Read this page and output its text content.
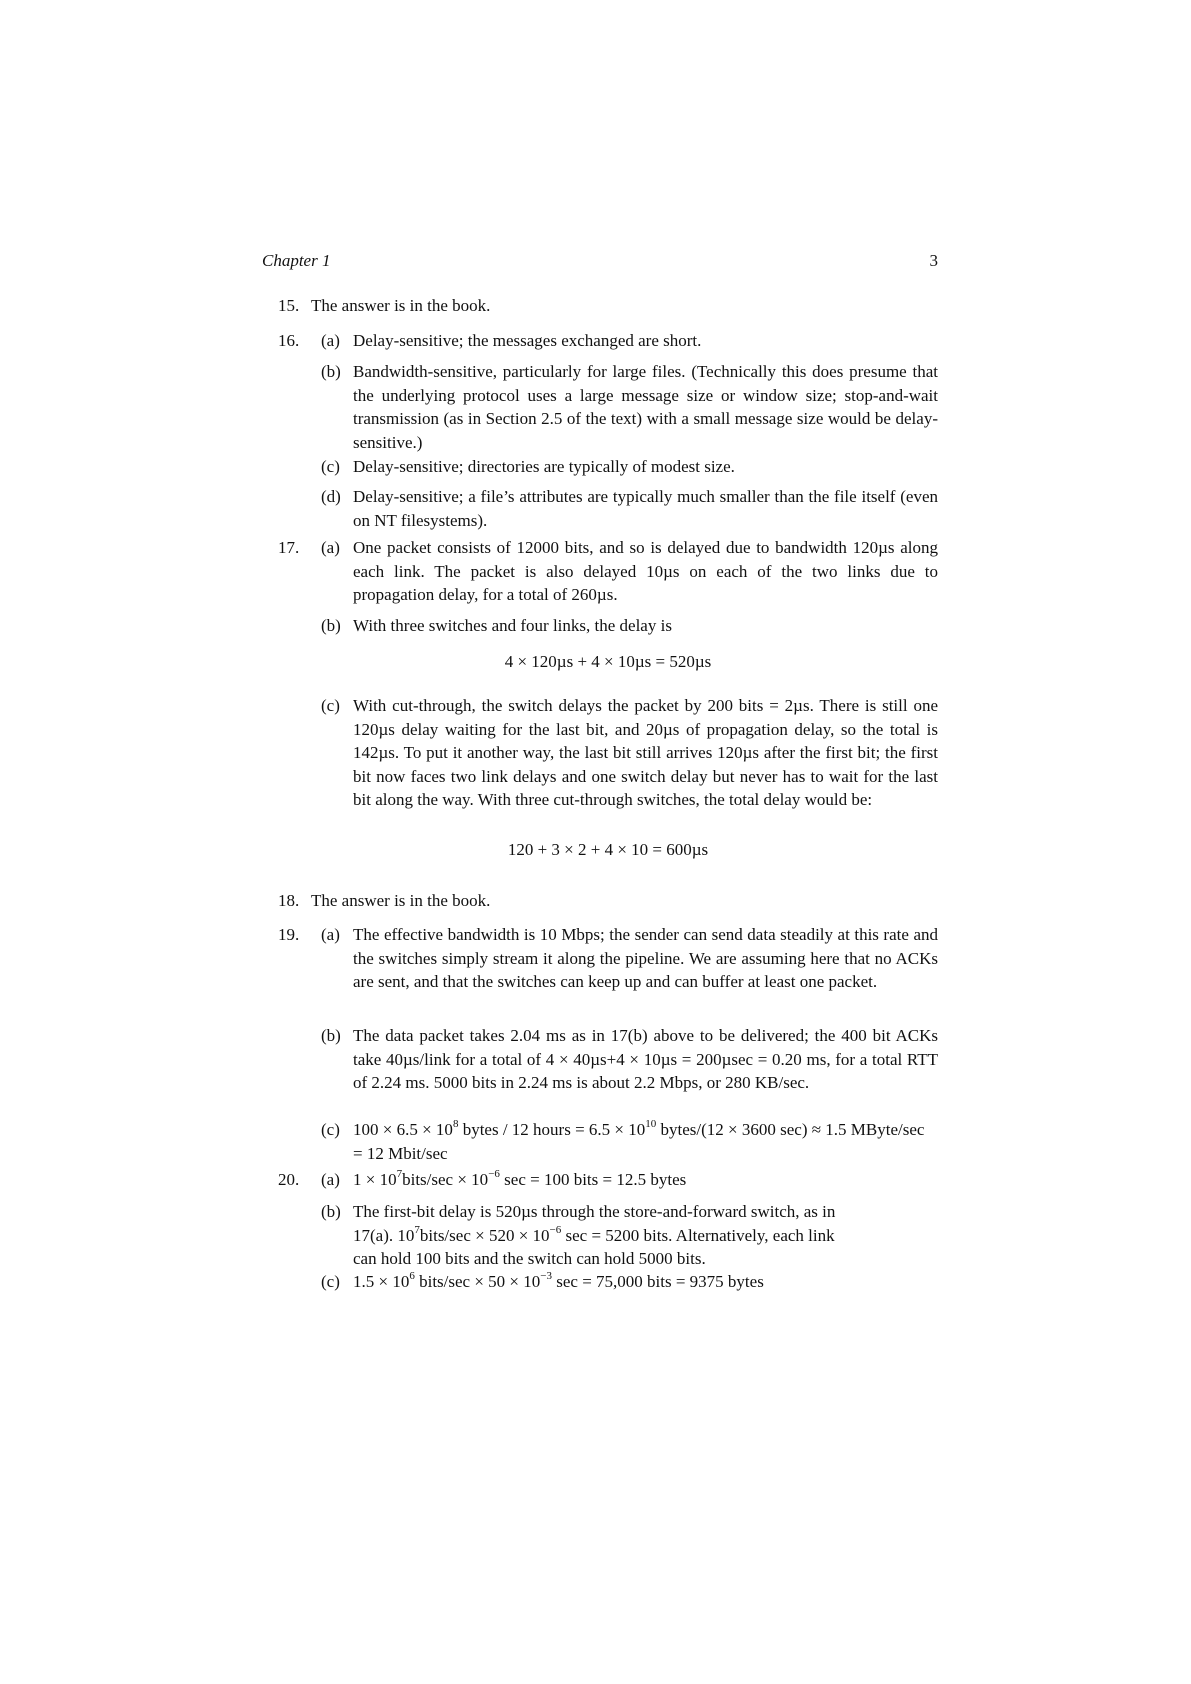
Chapter 1	3
15. The answer is in the book.
16. (a) Delay-sensitive; the messages exchanged are short.
(b) Bandwidth-sensitive, particularly for large files. (Technically this does presume that the underlying protocol uses a large message size or window size; stop-and-wait transmission (as in Section 2.5 of the text) with a small message size would be delay-sensitive.)
(c) Delay-sensitive; directories are typically of modest size.
(d) Delay-sensitive; a file’s attributes are typically much smaller than the file itself (even on NT filesystems).
17. (a) One packet consists of 12000 bits, and so is delayed due to bandwidth 120µs along each link. The packet is also delayed 10µs on each of the two links due to propagation delay, for a total of 260µs.
(b) With three switches and four links, the delay is
4 × 120µs + 4 × 10µs = 520µs
(c) With cut-through, the switch delays the packet by 200 bits = 2µs. There is still one 120µs delay waiting for the last bit, and 20µs of propagation delay, so the total is 142µs. To put it another way, the last bit still arrives 120µs after the first bit; the first bit now faces two link delays and one switch delay but never has to wait for the last bit along the way. With three cut-through switches, the total delay would be:
120 + 3 × 2 + 4 × 10 = 600µs
18. The answer is in the book.
19. (a) The effective bandwidth is 10 Mbps; the sender can send data steadily at this rate and the switches simply stream it along the pipeline. We are assuming here that no ACKs are sent, and that the switches can keep up and can buffer at least one packet.
(b) The data packet takes 2.04 ms as in 17(b) above to be delivered; the 400 bit ACKs take 40µs/link for a total of 4 × 40µs+4 × 10µs = 200µsec = 0.20 ms, for a total RTT of 2.24 ms. 5000 bits in 2.24 ms is about 2.2 Mbps, or 280 KB/sec.
(c) $100 \times 6.5 \times 10^8$ bytes / 12 hours = $6.5 \times 10^{10}$ bytes/(12 × 3600 sec) ≈ 1.5 MByte/sec
= 12 Mbit/sec
20. (a) $1 \times 10^7bits/\sec \times 10^{-6}$ sec = 100 bits = 12.5 bytes
(b) The first-bit delay is 520µs through the store-and-forward switch, as in
17(a). $10^7bits/\sec \times 520 \times 10^{-6}$ sec = 5200 bits. Alternatively, each link
can hold 100 bits and the switch can hold 5000 bits.
(c) $1.5 \times 10^6$ bits/sec × $50 \times 10^{-3}$ sec = 75,000 bits = 9375 bytes
